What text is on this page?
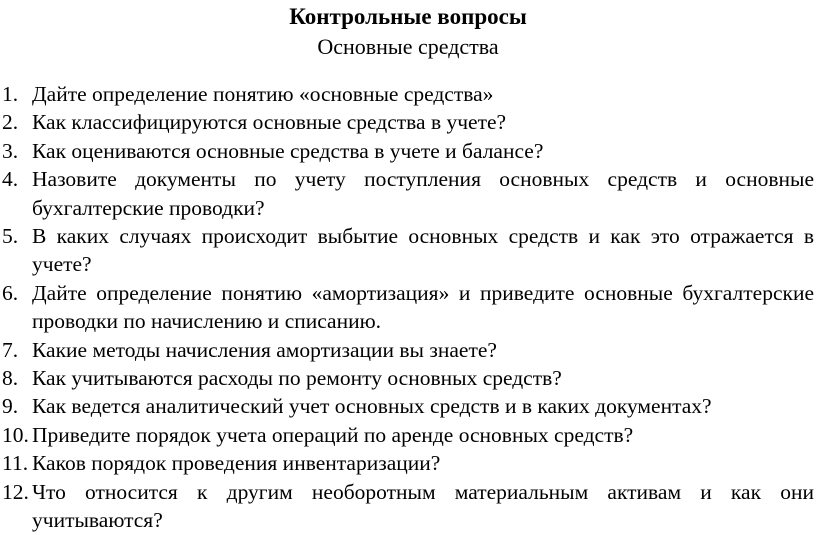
Контрольные вопросы
Основные средства
1. Дайте определение понятию «основные средства»
2. Как классифицируются основные средства в учете?
3. Как оцениваются основные средства в учете и балансе?
4. Назовите документы по учету поступления основных средств и основные бухгалтерские проводки?
5. В каких случаях происходит выбытие основных средств и как это отражается в учете?
6. Дайте определение понятию «амортизация» и приведите основные бухгалтерские проводки по начислению и списанию.
7. Какие методы начисления амортизации вы знаете?
8. Как учитываются расходы по ремонту основных средств?
9. Как ведется аналитический учет основных средств и в каких документах?
10. Приведите порядок учета операций по аренде основных средств?
11. Каков порядок проведения инвентаризации?
12. Что относится к другим необоротным материальным активам и как они учитываются?
